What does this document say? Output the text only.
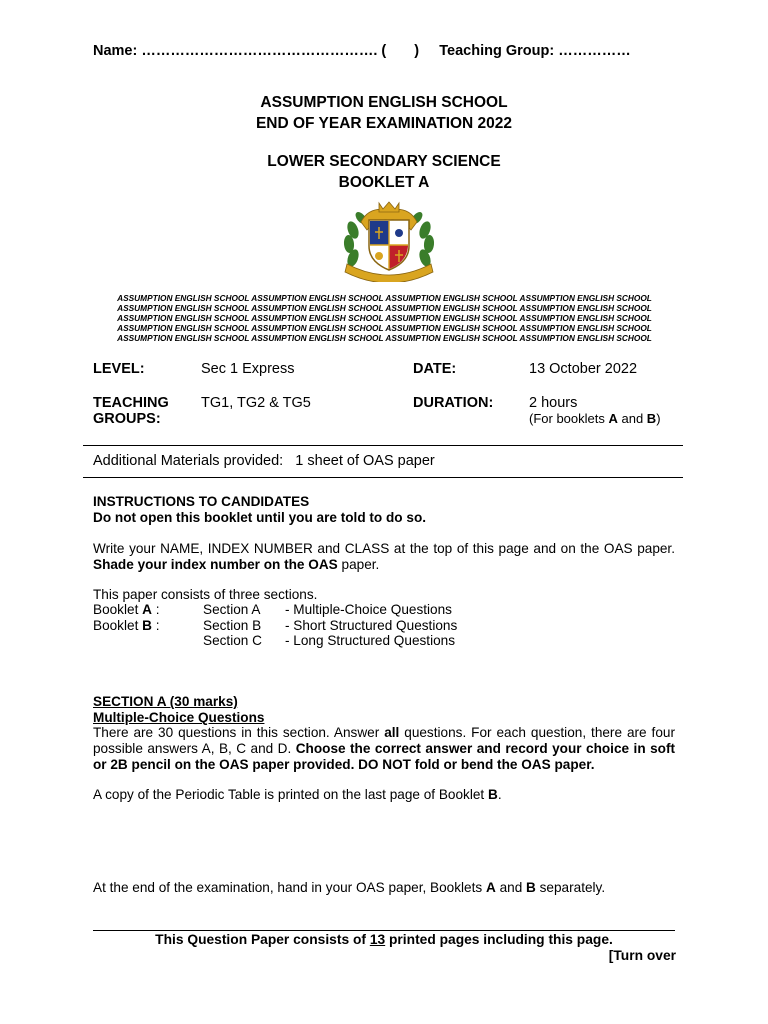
Name: …………………………………………. ( ) Teaching Group: ……………
ASSUMPTION ENGLISH SCHOOL
END OF YEAR EXAMINATION 2022
LOWER SECONDARY SCIENCE
BOOKLET A
ASSUMPTION ENGLISH SCHOOL ASSUMPTION ENGLISH SCHOOL ASSUMPTION ENGLISH SCHOOL ASSUMPTION ENGLISH SCHOOL
ASSUMPTION ENGLISH SCHOOL ASSUMPTION ENGLISH SCHOOL ASSUMPTION ENGLISH SCHOOL ASSUMPTION ENGLISH SCHOOL
ASSUMPTION ENGLISH SCHOOL ASSUMPTION ENGLISH SCHOOL ASSUMPTION ENGLISH SCHOOL ASSUMPTION ENGLISH SCHOOL
ASSUMPTION ENGLISH SCHOOL ASSUMPTION ENGLISH SCHOOL ASSUMPTION ENGLISH SCHOOL ASSUMPTION ENGLISH SCHOOL
ASSUMPTION ENGLISH SCHOOL ASSUMPTION ENGLISH SCHOOL ASSUMPTION ENGLISH SCHOOL ASSUMPTION ENGLISH SCHOOL
LEVEL:	Sec 1 Express	DATE:	13 October 2022
TEACHING
GROUPS:
TG1, TG2 & TG5	DURATION: 2 hours
(For booklets A and B)
Additional Materials provided:   1 sheet of OAS paper
INSTRUCTIONS TO CANDIDATES
Do not open this booklet until you are told to do so.
Write your NAME, INDEX NUMBER and CLASS at the top of this page and on the OAS paper. Shade your index number on the OAS paper.
This paper consists of three sections.
Booklet A :	Section A - Multiple-Choice Questions
Booklet B :	Section B - Short Structured Questions
Section C - Long Structured Questions
SECTION A (30 marks)
Multiple-Choice Questions
There are 30 questions in this section. Answer all questions. For each question, there are four possible answers A, B, C and D. Choose the correct answer and record your choice in soft or 2B pencil on the OAS paper provided. DO NOT fold or bend the OAS paper.
A copy of the Periodic Table is printed on the last page of Booklet B.
At the end of the examination, hand in your OAS paper, Booklets A and B separately.
This Question Paper consists of 13 printed pages including this page.
[Turn over
